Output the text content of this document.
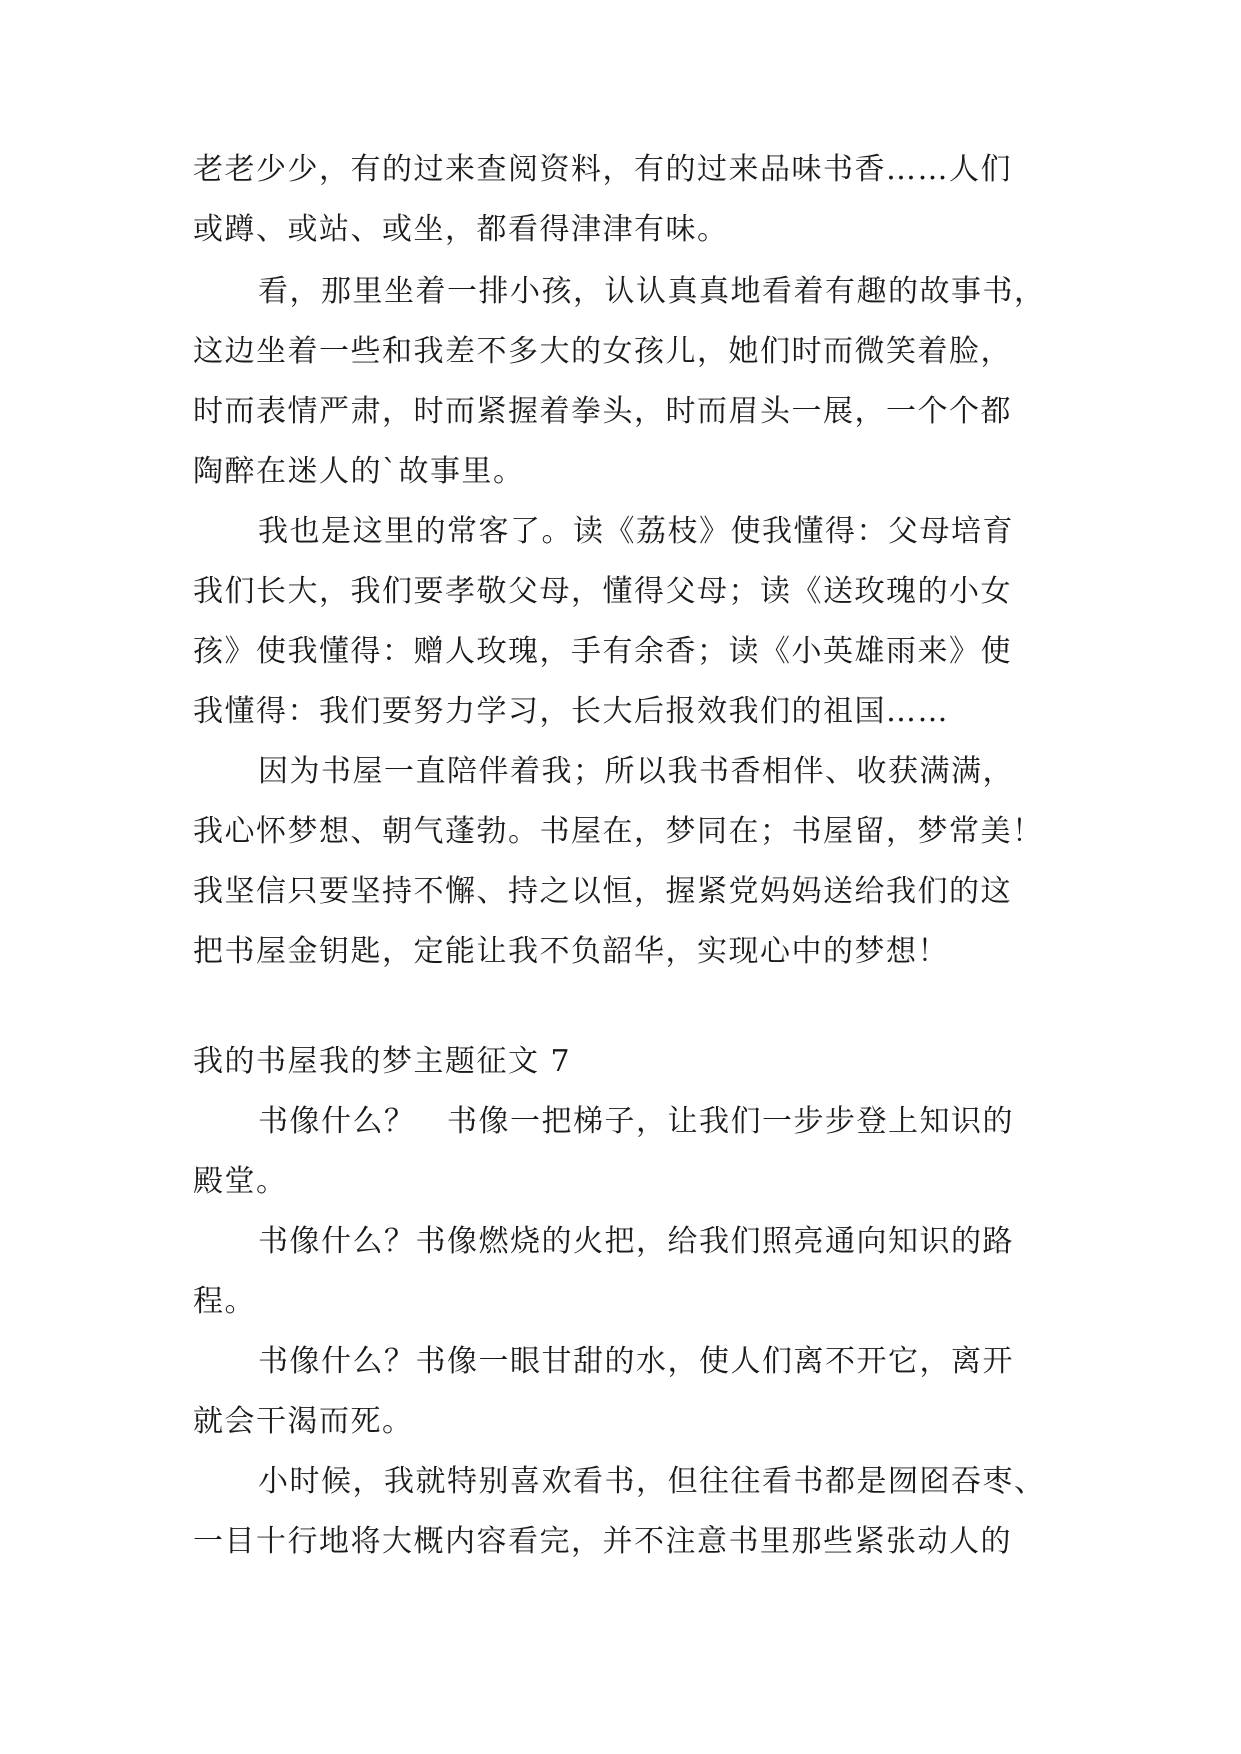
老老少少，有的过来查阅资料，有的过来品味书香……人们
或蹲、或站、或坐，都看得津津有味。
看，那里坐着一排小孩，认认真真地看着有趣的故事书，
这边坐着一些和我差不多大的女孩儿，她们时而微笑着脸，
时而表情严肃，时而紧握着拳头，时而眉头一展，一个个都
陶醉在迷人的`故事里。
我也是这里的常客了。读《荔枝》使我懂得：父母培育
我们长大，我们要孝敬父母，懂得父母；读《送玫瑰的小女
孩》使我懂得：赠人玫瑰，手有余香；读《小英雄雨来》使
我懂得：我们要努力学习，长大后报效我们的祖国……
因为书屋一直陪伴着我；所以我书香相伴、收获满满，
我心怀梦想、朝气蓬勃。书屋在，梦同在；书屋留，梦常美！
我坚信只要坚持不懈、持之以恒，握紧党妈妈送给我们的这
把书屋金钥匙，定能让我不负韶华，实现心中的梦想！
我的书屋我的梦主题征文 7
书像什么？　书像一把梯子，让我们一步步登上知识的
殿堂。
书像什么？书像燃烧的火把，给我们照亮通向知识的路
程。
书像什么？书像一眼甘甜的水，使人们离不开它，离开
就会干渴而死。
小时候，我就特别喜欢看书，但往往看书都是囫囵吞枣、
一目十行地将大概内容看完，并不注意书里那些紧张动人的
